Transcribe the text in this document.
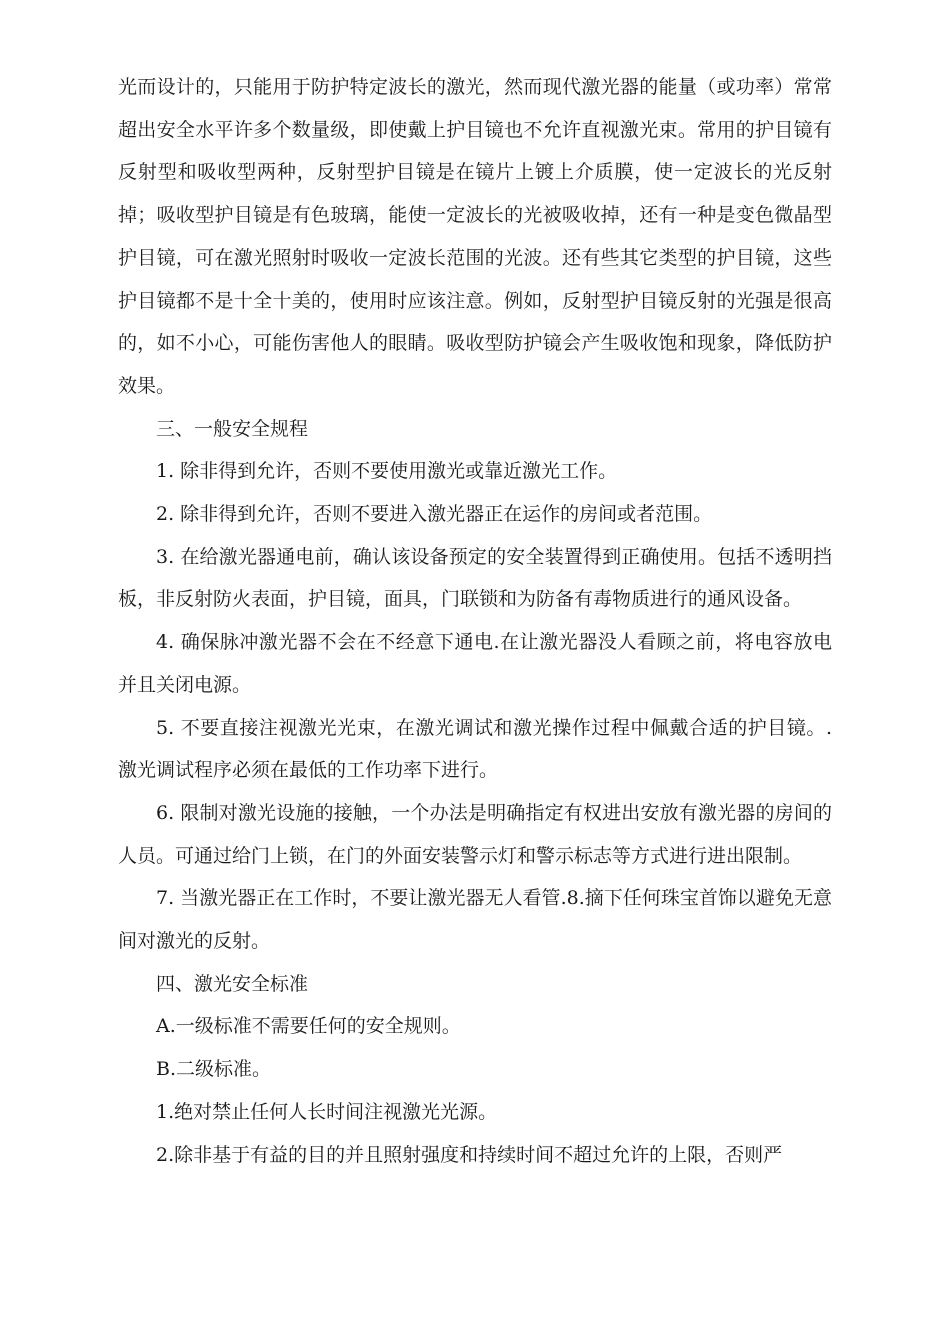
光而设计的，只能用于防护特定波长的激光，然而现代激光器的能量（或功率）常常超出安全水平许多个数量级，即使戴上护目镜也不允许直视激光束。常用的护目镜有反射型和吸收型两种，反射型护目镜是在镜片上镀上介质膜，使一定波长的光反射掉；吸收型护目镜是有色玻璃，能使一定波长的光被吸收掉，还有一种是变色微晶型护目镜，可在激光照射时吸收一定波长范围的光波。还有些其它类型的护目镜，这些护目镜都不是十全十美的，使用时应该注意。例如，反射型护目镜反射的光强是很高的，如不小心，可能伤害他人的眼睛。吸收型防护镜会产生吸收饱和现象，降低防护效果。

三、一般安全规程

1. 除非得到允许，否则不要使用激光或靠近激光工作。

2. 除非得到允许，否则不要进入激光器正在运作的房间或者范围。

3. 在给激光器通电前，确认该设备预定的安全装置得到正确使用。包括不透明挡板，非反射防火表面，护目镜，面具，门联锁和为防备有毒物质进行的通风设备。

4. 确保脉冲激光器不会在不经意下通电.在让激光器没人看顾之前，将电容放电并且关闭电源。

5. 不要直接注视激光光束，在激光调试和激光操作过程中佩戴合适的护目镜。.激光调试程序必须在最低的工作功率下进行。

6. 限制对激光设施的接触，一个办法是明确指定有权进出安放有激光器的房间的人员。可通过给门上锁，在门的外面安装警示灯和警示标志等方式进行进出限制。

7. 当激光器正在工作时，不要让激光器无人看管.8.摘下任何珠宝首饰以避免无意间对激光的反射。

四、激光安全标准

A.一级标准不需要任何的安全规则。

B.二级标准。

1.绝对禁止任何人长时间注视激光光源。

2.除非基于有益的目的并且照射强度和持续时间不超过允许的上限，否则严
